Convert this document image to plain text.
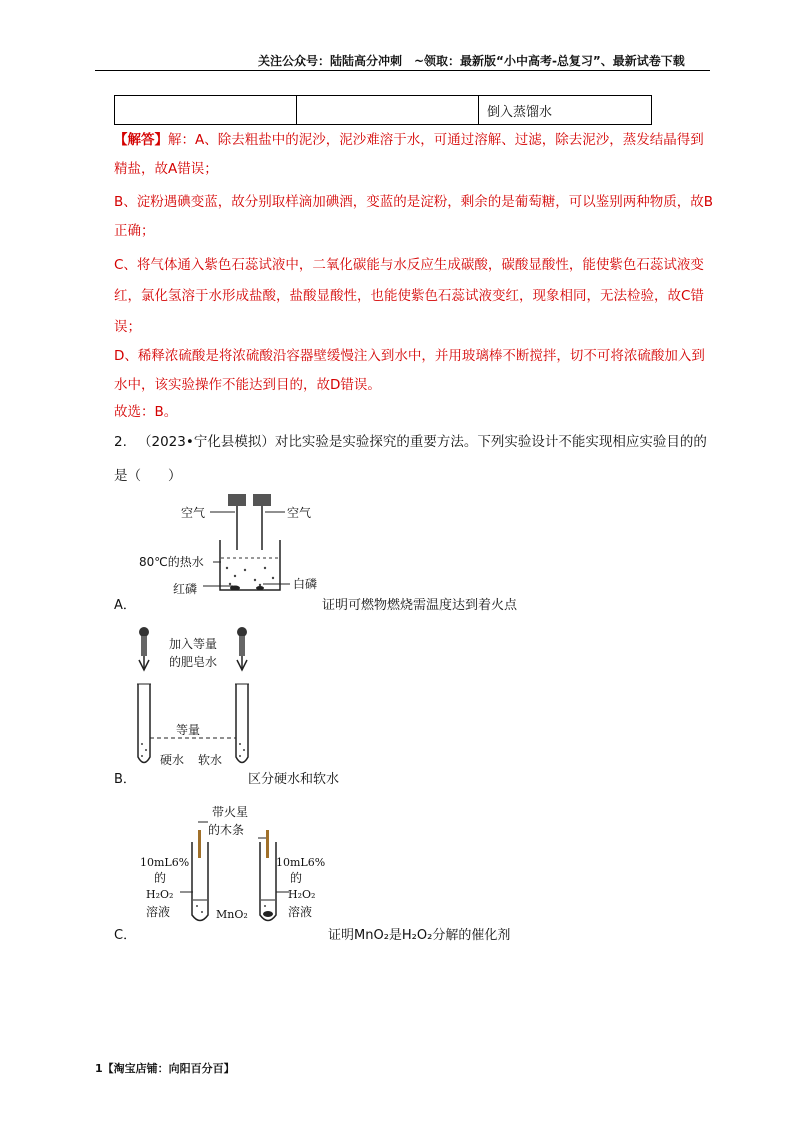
关注公众号：陆陆高分冲刺　~领取：最新版“小中高考-总复习”、最新试卷下载
		倒入蒸馏水
【解答】解：A、除去粗盐中的泥沙，泥沙难溶于水，可通过溶解、过滤，除去泥沙，蒸发结晶得到精盐，故A错误；
B、淀粉遇碘变蓝，故分别取样滴加碘酒，变蓝的是淀粉，剩余的是葡萄糖，可以鉴别两种物质，故B正确；
C、将气体通入紫色石蕊试液中，二氧化碳能与水反应生成碳酸，碳酸显酸性，能使紫色石蕊试液变红，氯化氢溶于水形成盐酸，盐酸显酸性，也能使紫色石蕊试液变红，现象相同，无法检验，故C错误；
D、稀释浓硫酸是将浓硫酸沿容器壁缓慢注入到水中，并用玻璃棒不断搅拌，切不可将浓硫酸加入到水中，该实验操作不能达到目的，故D错误。
故选：B。
2. （2023•宁化县模拟）对比实验是实验探究的重要方法。下列实验设计不能实现相应实验目的的
是（　　）
空气	空气
80℃的热水
红磷	白磷
A．	证明可燃物燃烧需温度达到着火点
加入等量
的肥皂水
等量
硬水 软水
B．	区分硬水和软水
带火星
的木条
10mL6%
的
H₂O₂
溶液
10mL6%
的
H₂O₂
溶液
MnO₂
C．	证明MnO₂是H₂O₂分解的催化剂
1【淘宝店铺：向阳百分百】
